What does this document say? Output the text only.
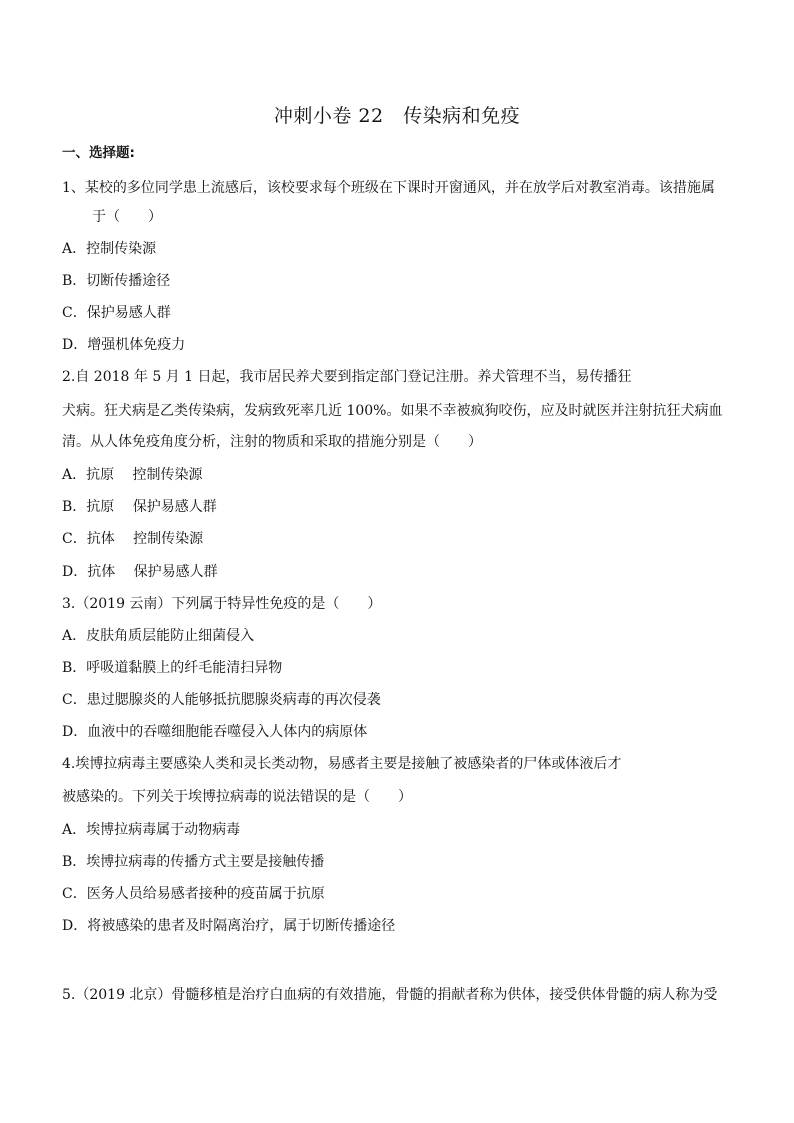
冲刺小卷 22　传染病和免疫
一、选择题:
1、某校的多位同学患上流感后，该校要求每个班级在下课时开窗通风，并在放学后对教室消毒。该措施属
于（　　）
A．控制传染源
B．切断传播途径
C．保护易感人群
D．增强机体免疫力
2.自 2018 年 5 月 1 日起，我市居民养犬要到指定部门登记注册。养犬管理不当，易传播狂
犬病。狂犬病是乙类传染病，发病致死率几近 100%。如果不幸被疯狗咬伤，应及时就医并注射抗狂犬病血
清。从人体免疫角度分析，注射的物质和采取的措施分别是（　　）
A．抗原　 控制传染源
B．抗原　 保护易感人群
C．抗体　 控制传染源
D．抗体　 保护易感人群
3.（2019 云南）下列属于特异性免疫的是（　　）
A．皮肤角质层能防止细菌侵入
B．呼吸道黏膜上的纤毛能清扫异物
C．患过腮腺炎的人能够抵抗腮腺炎病毒的再次侵袭
D．血液中的吞噬细胞能吞噬侵入人体内的病原体
4.埃博拉病毒主要感染人类和灵长类动物，易感者主要是接触了被感染者的尸体或体液后才
被感染的。下列关于埃博拉病毒的说法错误的是（　　）
A．埃博拉病毒属于动物病毒
B．埃博拉病毒的传播方式主要是接触传播
C．医务人员给易感者接种的疫苗属于抗原
D．将被感染的患者及时隔离治疗，属于切断传播途径
5.（2019 北京）骨髓移植是治疗白血病的有效措施，骨髓的捐献者称为供体，接受供体骨髓的病人称为受
